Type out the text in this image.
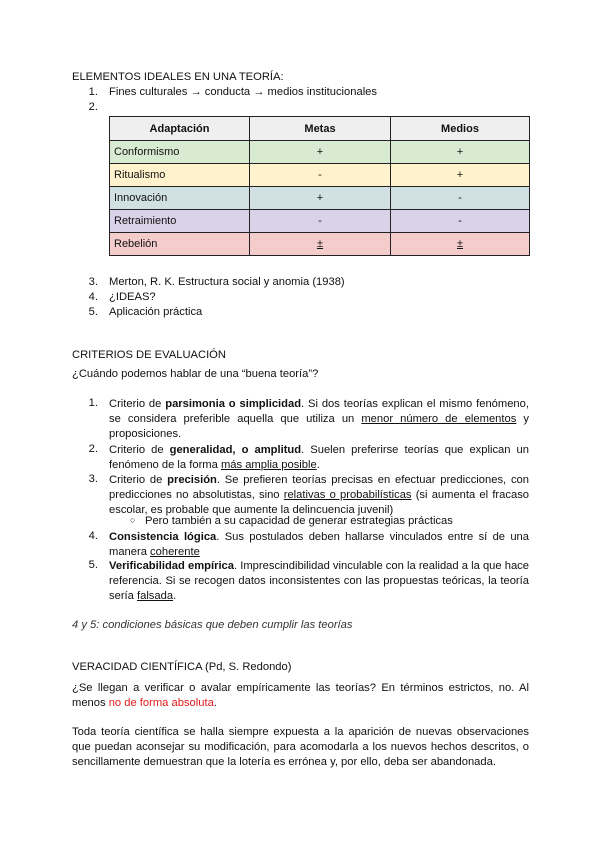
ELEMENTOS IDEALES EN UNA TEORÍA:
1. Fines culturales → conducta → medios institucionales
2.
Adaptación	Metas	Medios
Conformismo	+	+
Ritualismo	-	+
Innovación	+	-
Retraimiento	-	-
Rebelión	±	±
3. Merton, R. K. Estructura social y anomia (1938)
4. ¿IDEAS?
5. Aplicación práctica
CRITERIOS DE EVALUACIÓN
¿Cuándo podemos hablar de una “buena teoría”?
1. Criterio de parsimonia o simplicidad. Si dos teorías explican el mismo fenómeno, se considera preferible aquella que utiliza un menor número de elementos y proposiciones.
2. Criterio de generalidad, o amplitud. Suelen preferirse teorías que explican un fenómeno de la forma más amplia posible.
3. Criterio de precisión. Se prefieren teorías precisas en efectuar predicciones, con predicciones no absolutistas, sino relativas o probabilísticas (si aumenta el fracaso escolar, es probable que aumente la delincuencia juvenil)
○ Pero también a su capacidad de generar estrategias prácticas
4. Consistencia lógica. Sus postulados deben hallarse vinculados entre sí de una manera coherente
5. Verificabilidad empírica. Imprescindibilidad vinculable con la realidad a la que hace referencia. Si se recogen datos inconsistentes con las propuestas teóricas, la teoría sería falsada.
4 y 5: condiciones básicas que deben cumplir las teorías
VERACIDAD CIENTÍFICA (Pd, S. Redondo)
¿Se llegan a verificar o avalar empíricamente las teorías? En términos estrictos, no. Al menos no de forma absoluta.
Toda teoría científica se halla siempre expuesta a la aparición de nuevas observaciones que puedan aconsejar su modificación, para acomodarla a los nuevos hechos descritos, o sencillamente demuestran que la lotería es errónea y, por ello, deba ser abandonada.
